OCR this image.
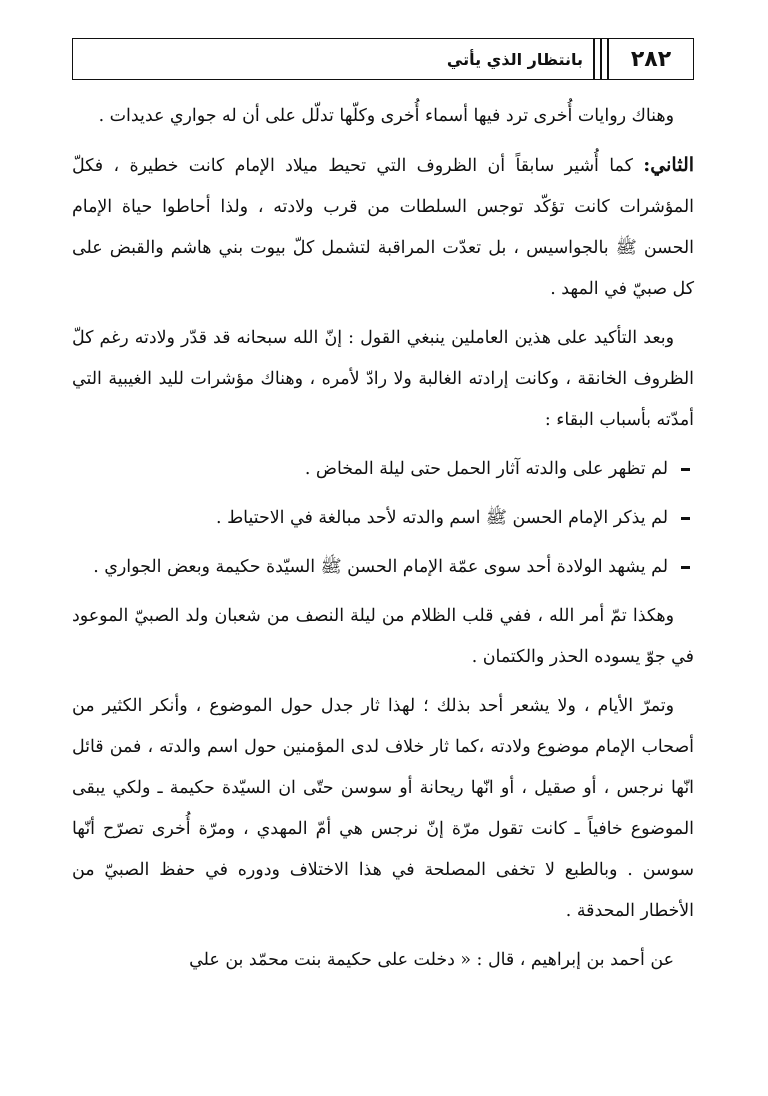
٢٨٢
بانتظار الذي يأتي

وهناك روايات أُخرى ترد فيها أسماء أُخرى وكلّها تدلّل على أن له جواري عديدات .

الثاني: كما أُشير سابقاً أن الظروف التي تحيط ميلاد الإمام كانت خطيرة ، فكلّ المؤشرات كانت تؤكّد توجس السلطات من قرب ولادته ، ولذا أحاطوا حياة الإمام الحسن ﷺ بالجواسيس ، بل تعدّت المراقبة لتشمل كلّ بيوت بني هاشم والقبض على كل صبيّ في المهد .

وبعد التأكيد على هذين العاملين ينبغي القول : إنّ الله سبحانه قد قدّر ولادته رغم كلّ الظروف الخانقة ، وكانت إرادته الغالبة ولا رادّ لأمره ، وهناك مؤشرات لليد الغيبية التي أمدّته بأسباب البقاء :

لم تظهر على والدته آثار الحمل حتى ليلة المخاض .
لم يذكر الإمام الحسن ﷺ اسم والدته لأحد مبالغة في الاحتياط .
لم يشهد الولادة أحد سوى عمّة الإمام الحسن ﷺ السيّدة حكيمة وبعض الجواري .

وهكذا تمّ أمر الله ، ففي قلب الظلام من ليلة النصف من شعبان ولد الصبيّ الموعود في جوّ يسوده الحذر والكتمان .

وتمرّ الأيام ، ولا يشعر أحد بذلك ؛ لهذا ثار جدل حول الموضوع ، وأنكر الكثير من أصحاب الإمام موضوع ولادته ،كما ثار خلاف لدى المؤمنين حول اسم والدته ، فمن قائل انّها نرجس ، أو صقيل ، أو انّها ريحانة أو سوسن حتّى ان السيّدة حكيمة ـ ولكي يبقى الموضوع خافياً ـ كانت تقول مرّة إنّ نرجس هي أمّ المهدي ، ومرّة أُخرى تصرّح أنّها سوسن . وبالطبع لا تخفى المصلحة في هذا الاختلاف ودوره في حفظ الصبيّ من الأخطار المحدقة .

عن أحمد بن إبراهيم ، قال : « دخلت على حكيمة بنت محمّد بن علي
